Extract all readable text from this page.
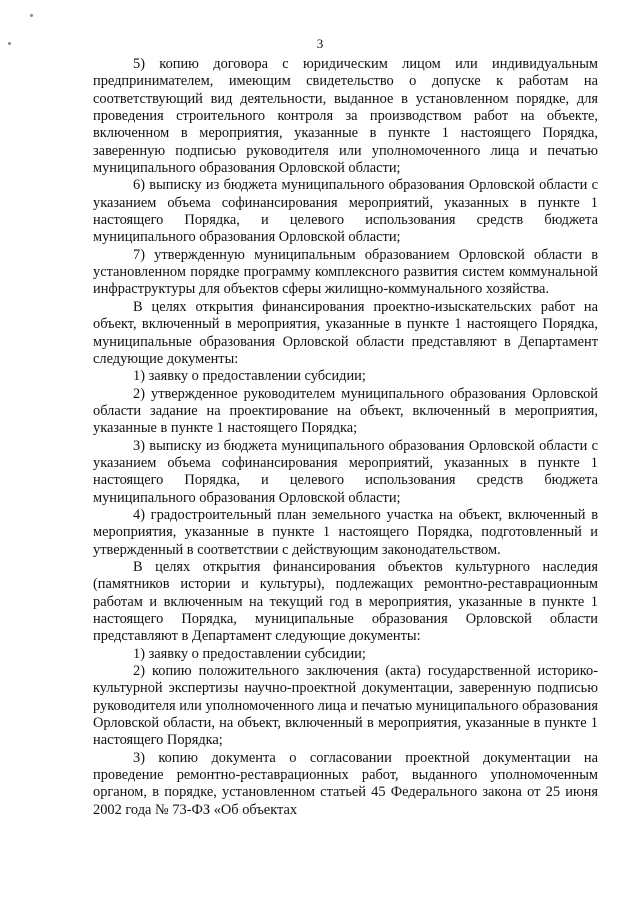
3

5) копию договора с юридическим лицом или индивидуальным предпринимателем, имеющим свидетельство о допуске к работам на соответствующий вид деятельности, выданное в установленном порядке, для проведения строительного контроля за производством работ на объекте, включенном в мероприятия, указанные в пункте 1 настоящего Порядка, заверенную подписью руководителя или уполномоченного лица и печатью муниципального образования Орловской области;

6) выписку из бюджета муниципального образования Орловской области с указанием объема софинансирования мероприятий, указанных в пункте 1 настоящего Порядка, и целевого использования средств бюджета муниципального образования Орловской области;

7) утвержденную муниципальным образованием Орловской области в установленном порядке программу комплексного развития систем коммунальной инфраструктуры для объектов сферы жилищно-коммунального хозяйства.

В целях открытия финансирования проектно-изыскательских работ на объект, включенный в мероприятия, указанные в пункте 1 настоящего Порядка, муниципальные образования Орловской области представляют в Департамент следующие документы:

1) заявку о предоставлении субсидии;

2) утвержденное руководителем муниципального образования Орловской области задание на проектирование на объект, включенный в мероприятия, указанные в пункте 1 настоящего Порядка;

3) выписку из бюджета муниципального образования Орловской области с указанием объема софинансирования мероприятий, указанных в пункте 1 настоящего Порядка, и целевого использования средств бюджета муниципального образования Орловской области;

4) градостроительный план земельного участка на объект, включенный в мероприятия, указанные в пункте 1 настоящего Порядка, подготовленный и утвержденный в соответствии с действующим законодательством.

В целях открытия финансирования объектов культурного наследия (памятников истории и культуры), подлежащих ремонтно-реставрационным работам и включенным на текущий год в мероприятия, указанные в пункте 1 настоящего Порядка, муниципальные образования Орловской области представляют в Департамент следующие документы:

1) заявку о предоставлении субсидии;

2) копию положительного заключения (акта) государственной историко-культурной экспертизы научно-проектной документации, заверенную подписью руководителя или уполномоченного лица и печатью муниципального образования Орловской области, на объект, включенный в мероприятия, указанные в пункте 1 настоящего Порядка;

3) копию документа о согласовании проектной документации на проведение ремонтно-реставрационных работ, выданного уполномоченным органом, в порядке, установленном статьей 45 Федерального закона от 25 июня 2002 года № 73-ФЗ «Об объектах
